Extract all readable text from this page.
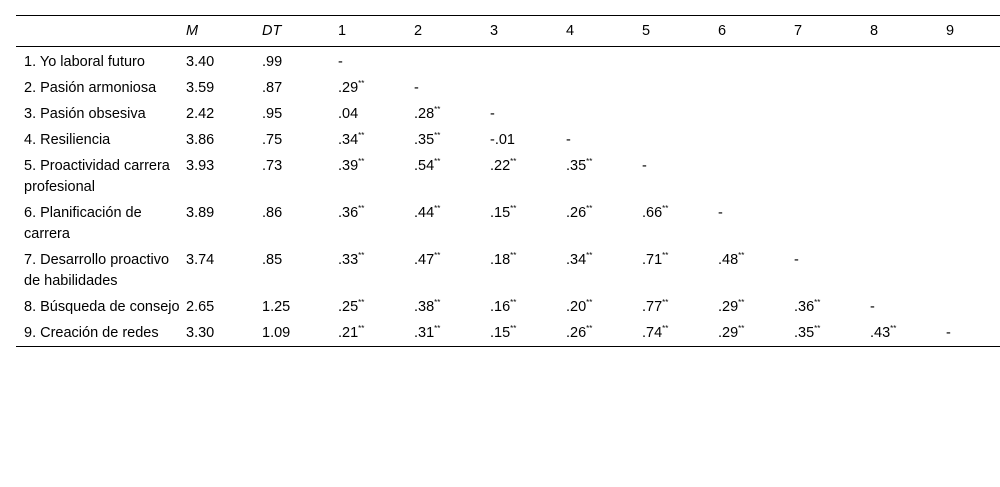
	M	DT	1	2	3	4	5	6	7	8	9
1. Yo laboral futuro	3.40	.99	-								
2. Pasión armoniosa	3.59	.87	.29**	-							
3. Pasión obsesiva	2.42	.95	.04	.28**	-						
4. Resiliencia	3.86	.75	.34**	.35**	-.01	-					
5. Proactividad carrera profesional	3.93	.73	.39**	.54**	.22**	.35**	-				
6. Planificación de carrera	3.89	.86	.36**	.44**	.15**	.26**	.66**	-			
7. Desarrollo proactivo de habilidades	3.74	.85	.33**	.47**	.18**	.34**	.71**	.48**	-		
8. Búsqueda de consejo	2.65	1.25	.25**	.38**	.16**	.20**	.77**	.29**	.36**	-	
9. Creación de redes	3.30	1.09	.21**	.31**	.15**	.26**	.74**	.29**	.35**	.43**	-
